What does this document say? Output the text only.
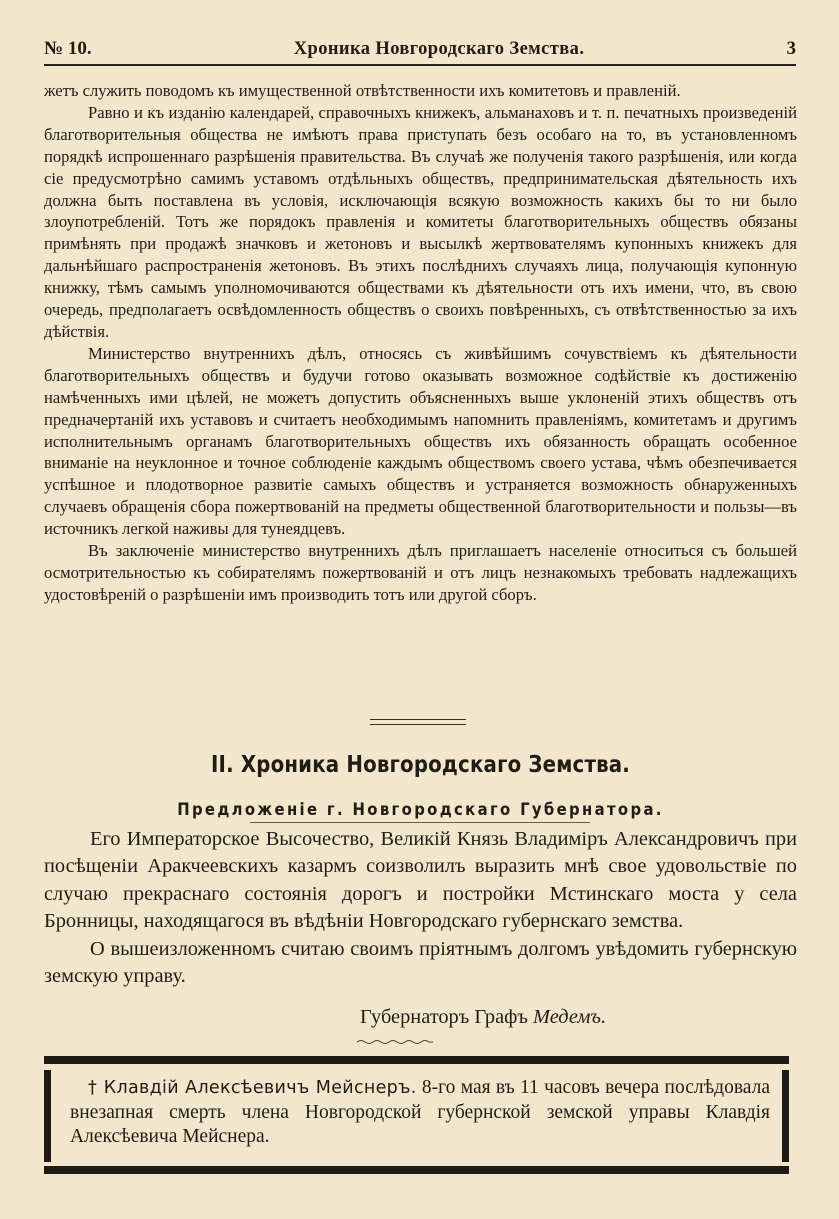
№ 10.	Хроника Новгородскаго Земства.	3

жетъ служить поводомъ къ имущественной отвѣтственности ихъ комитетовъ и правленій.

Равно и къ изданію календарей, справочныхъ книжекъ, альманаховъ и т. п. печатныхъ произведеній благотворительныя общества не имѣютъ права приступать безъ особаго на то, въ установленномъ порядкѣ испрошеннаго разрѣшенія правительства. Въ случаѣ же полученія такого разрѣшенія, или когда сіе предусмотрѣно самимъ уставомъ отдѣльныхъ обществъ, предпринимательская дѣятельность ихъ должна быть поставлена въ условія, исключающія всякую возможность какихъ бы то ни было злоупотребленій. Тотъ же порядокъ правленія и комитеты благотворительныхъ обществъ обязаны примѣнять при продажѣ значковъ и жетоновъ и высылкѣ жертвователямъ купонныхъ книжекъ для дальнѣйшаго распространенія жетоновъ. Въ этихъ послѣднихъ случаяхъ лица, получающія купонную книжку, тѣмъ самымъ уполномочиваются обществами къ дѣятельности отъ ихъ имени, что, въ свою очередь, предполагаетъ освѣдомленность обществъ о своихъ повѣренныхъ, съ отвѣтственностью за ихъ дѣйствія.

Министерство внутреннихъ дѣлъ, относясь съ живѣйшимъ сочувствіемъ къ дѣятельности благотворительныхъ обществъ и будучи готово оказывать возможное содѣйствіе къ достиженію намѣченныхъ ими цѣлей, не можетъ допустить объясненныхъ выше уклоненій этихъ обществъ отъ предначертаній ихъ уставовъ и считаетъ необходимымъ напомнить правленіямъ, комитетамъ и другимъ исполнительнымъ органамъ благотворительныхъ обществъ ихъ обязанность обращать особенное вниманіе на неуклонное и точное соблюденіе каждымъ обществомъ своего устава, чѣмъ обезпечивается успѣшное и плодотворное развитіе самыхъ обществъ и устраняется возможность обнаруженныхъ случаевъ обращенія сбора пожертвованій на предметы общественной благотворительности и пользы—въ источникъ легкой наживы для тунеядцевъ.

Въ заключеніе министерство внутреннихъ дѣлъ приглашаетъ населеніе относиться съ большей осмотрительностью къ собирателямъ пожертвованій и отъ лицъ незнакомыхъ требовать надлежащихъ удостовѣреній о разрѣшеніи имъ производить тотъ или другой сборъ.

II. Хроника Новгородскаго Земства.
Предложеніе г. Новгородскаго Губернатора.

Его Императорское Высочество, Великій Князь Владиміръ Александровичъ при посѣщеніи Аракчеевскихъ казармъ соизволилъ выразить мнѣ свое удовольствіе по случаю прекраснаго состоянія дорогъ и постройки Мстинскаго моста у села Бронницы, находящагося въ вѣдѣніи Новгородскаго губернскаго земства.

О вышеизложенномъ считаю своимъ пріятнымъ долгомъ увѣдомить губернскую земскую управу.

Губернаторъ Графъ Медемъ.

† Клавдій Алексѣевичъ Мейснеръ. 8-го мая въ 11 часовъ вечера послѣдовала внезапная смерть члена Новгородской губернской земской управы Клавдія Алексѣевича Мейснера.
